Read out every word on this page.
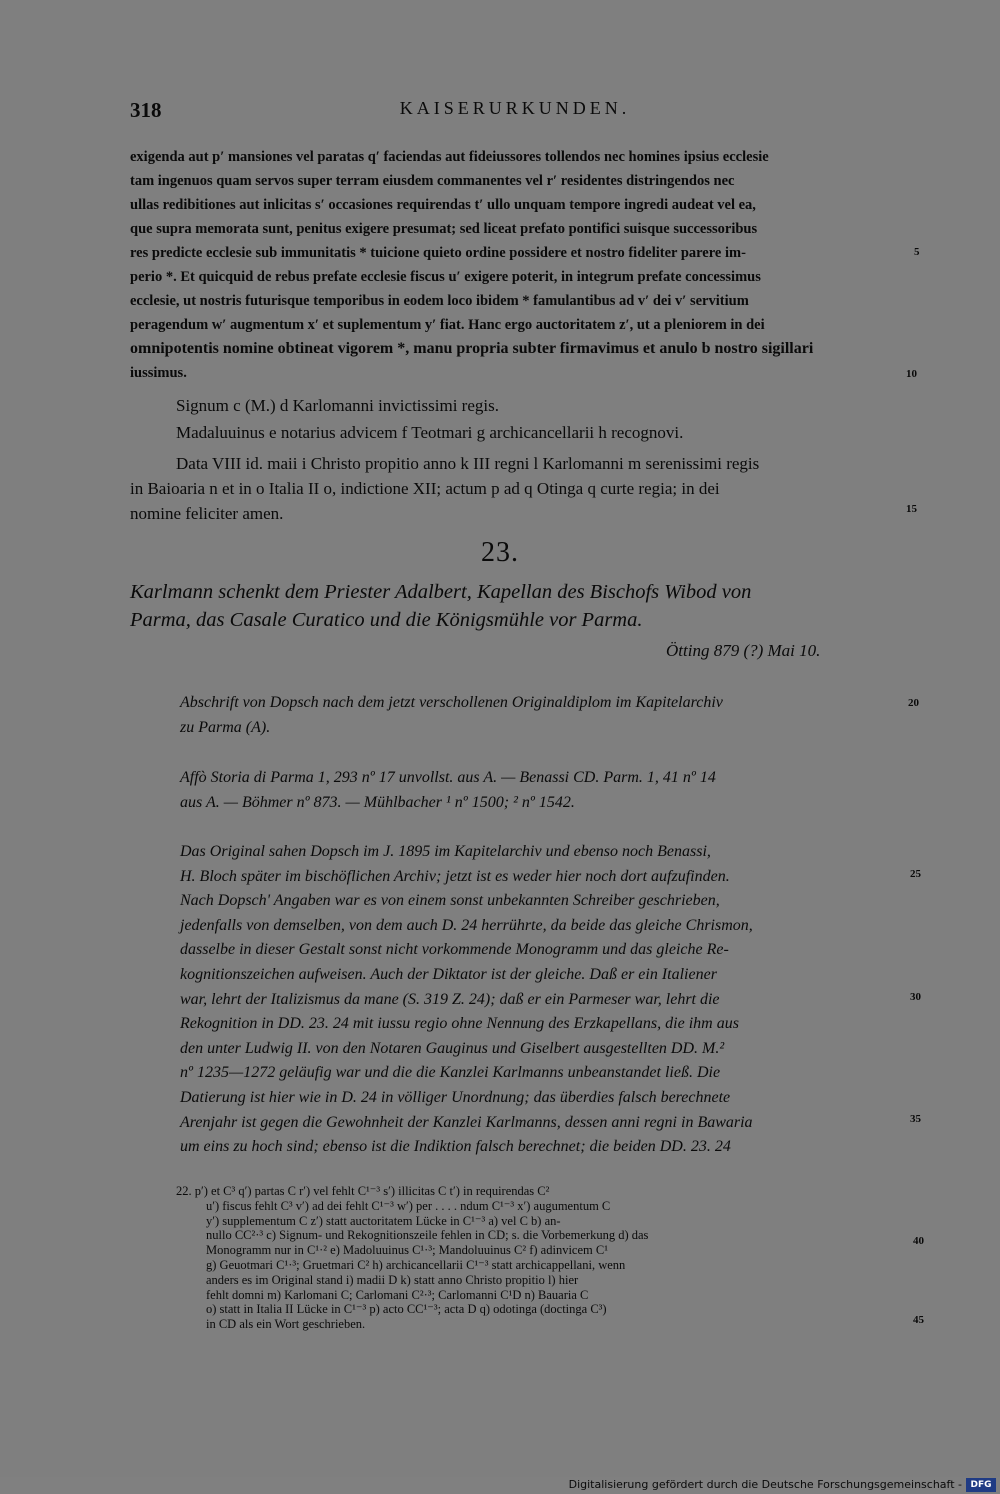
318	KAISERURKUNDEN.
exigenda aut p′ mansiones vel paratas q′ faciendas aut fideiussores tollendos nec homines ipsius ecclesie
tam ingenuos quam servos super terram eiusdem commanentes vel r′ residentes distringendos nec
ullas redibitiones aut inlicitas s′ occasiones requirendas t′ ullo unquam tempore ingredi audeat vel ea,
que supra memorata sunt, penitus exigere presumat; sed liceat prefato pontifici suisque successoribus
res predicte ecclesie sub immunitatis * tuicione quieto ordine possidere et nostro fideliter parere im-
perio *. Et quicquid de rebus prefate ecclesie fiscus u′ exigere poterit, in integrum prefate concessimus
ecclesie, ut nostris futurisque temporibus in eodem loco ibidem * famulantibus ad v′ dei v′ servitium
peragendum w′ augmentum x′ et suplementum y′ fiat. Hanc ergo auctoritatem z′, ut a pleniorem in dei
omnipotentis nomine obtineat vigorem *, manu propria subter firmavimus et anulo b nostro sigillari
iussimus.
5
10
Signum c (M.) d Karlomanni invictissimi regis.
Madaluuinus e notarius advicem f Teotmari g archicancellarii h recognovi.
Data VIII id. maii i Christo propitio anno k III regni l Karlomanni m serenissimi regis
in Baioaria n et in o Italia II o, indictione XII; actum p ad q Otinga q curte regia; in dei
nomine feliciter amen.	15
23.
Karlmann schenkt dem Priester Adalbert, Kapellan des Bischofs Wibod von
Parma, das Casale Curatico und die Königsmühle vor Parma.
Ötting 879 (?) Mai 10.
Abschrift von Dopsch nach dem jetzt verschollenen Originaldiplom im Kapitelarchiv
zu Parma (A).
20
Affò Storia di Parma 1, 293 nº 17 unvollst. aus A. — Benassi CD. Parm. 1, 41 nº 14
aus A. — Böhmer nº 873. — Mühlbacher ¹ nº 1500; ² nº 1542.
Das Original sahen Dopsch im J. 1895 im Kapitelarchiv und ebenso noch Benassi,
H. Bloch später im bischöflichen Archiv; jetzt ist es weder hier noch dort aufzufinden.
Nach Dopsch' Angaben war es von einem sonst unbekannten Schreiber geschrieben,
jedenfalls von demselben, von dem auch D. 24 herrührte, da beide das gleiche Chrismon,
dasselbe in dieser Gestalt sonst nicht vorkommende Monogramm und das gleiche Re-
kognitionszeichen aufweisen. Auch der Diktator ist der gleiche. Daß er ein Italiener
war, lehrt der Italizismus da mane (S. 319 Z. 24); daß er ein Parmeser war, lehrt die
Rekognition in DD. 23. 24 mit iussu regio ohne Nennung des Erzkapellans, die ihm aus
den unter Ludwig II. von den Notaren Gauginus und Giselbert ausgestellten DD. M.²
nº 1235—1272 geläufig war und die die Kanzlei Karlmanns unbeanstandet ließ. Die
Datierung ist hier wie in D. 24 in völliger Unordnung; das überdies falsch berechnete
Arenjahr ist gegen die Gewohnheit der Kanzlei Karlmanns, dessen anni regni in Bawaria
um eins zu hoch sind; ebenso ist die Indiktion falsch berechnet; die beiden DD. 23. 24
25
30
35
22. p′) et C³ q′) partas C r′) vel fehlt C¹⁻³ s′) illicitas C t′) in requirendas C²
u′) fiscus fehlt C³ v′) ad dei fehlt C¹⁻³ w′) per . . . . ndum C¹⁻³ x′) augumentum C
y′) supplementum C z′) statt auctoritatem Lücke in C¹⁻³ a) vel C b) an-
nullo CC²·³ c) Signum- und Rekognitionszeile fehlen in CD; s. die Vorbemerkung d) das
Monogramm nur in C¹·² e) Madoluuinus C¹·³; Mandoluuinus C² f) adinvicem C¹
g) Geuotmari C¹·³; Gruetmari C² h) archicancellarii C¹⁻³ statt archicappellani, wenn
anders es im Original stand i) madii D k) statt anno Christo propitio l) hier
fehlt domni m) Karlomani C; Carlomani C²·³; Carlomanni C¹D n) Bauaria C
o) statt in Italia II Lücke in C¹⁻³ p) acto CC¹⁻³; acta D q) odotinga (doctinga C³)
in CD als ein Wort geschrieben.
40
45
Digitalisierung gefördert durch die Deutsche Forschungsgemeinschaft - DFG
